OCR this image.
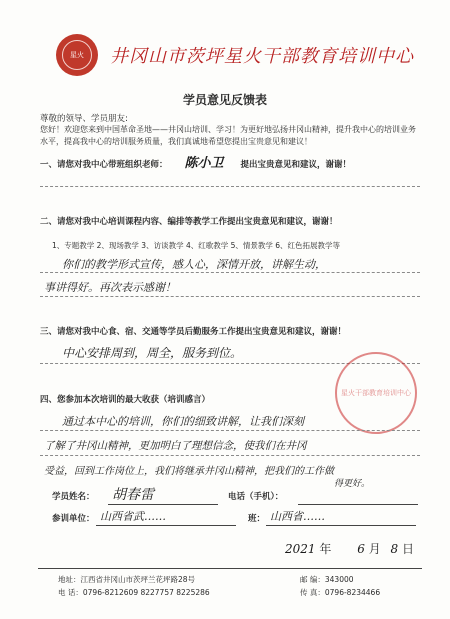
星火	井冈山市茨坪星火干部教育培训中心
学员意见反馈表
尊敬的领导、学员朋友:
您好！欢迎您来到中国革命圣地——井冈山培训、学习！为更好地弘扬井冈山精神，提升我中心的培训业务水平，提高我中心的培训服务质量，我们真诚地希望您提出宝贵意见和建议！
一、请您对我中心带班组织老师： 陈小卫 提出宝贵意见和建议，谢谢！
二、请您对我中心培训课程内容、编排等教学工作提出宝贵意见和建议，谢谢！
1、专题教学 2、现场教学 3、访谈教学 4、红歌教学 5、情景教学 6、红色拓展教学等
你们的教学形式宣传，感人心，深情开放，讲解生动，
事讲得好。再次表示感谢！
三、请您对我中心食、宿、交通等学员后勤服务工作提出宝贵意见和建议，谢谢！
中心安排周到，周全，服务到位。
星火干部教育培训中心
四、您参加本次培训的最大收获（培训感言）
通过本中心的培训，你们的细致讲解，让我们深刻
了解了井冈山精神，更加明白了理想信念，使我们在井冈
受益，回到工作岗位上，我们将继承井冈山精神，把我们的工作做
得更好。
学员姓名： 胡春雷	电话（手机）：
参训单位： 山西省武……	班： 山西省……
2021 年 6 月 8 日
地址：江西省井冈山市茨坪兰花坪路28号	邮 编：343000
电 话：0796-8212609 8227757 8225286	传 真：0796-8234466
